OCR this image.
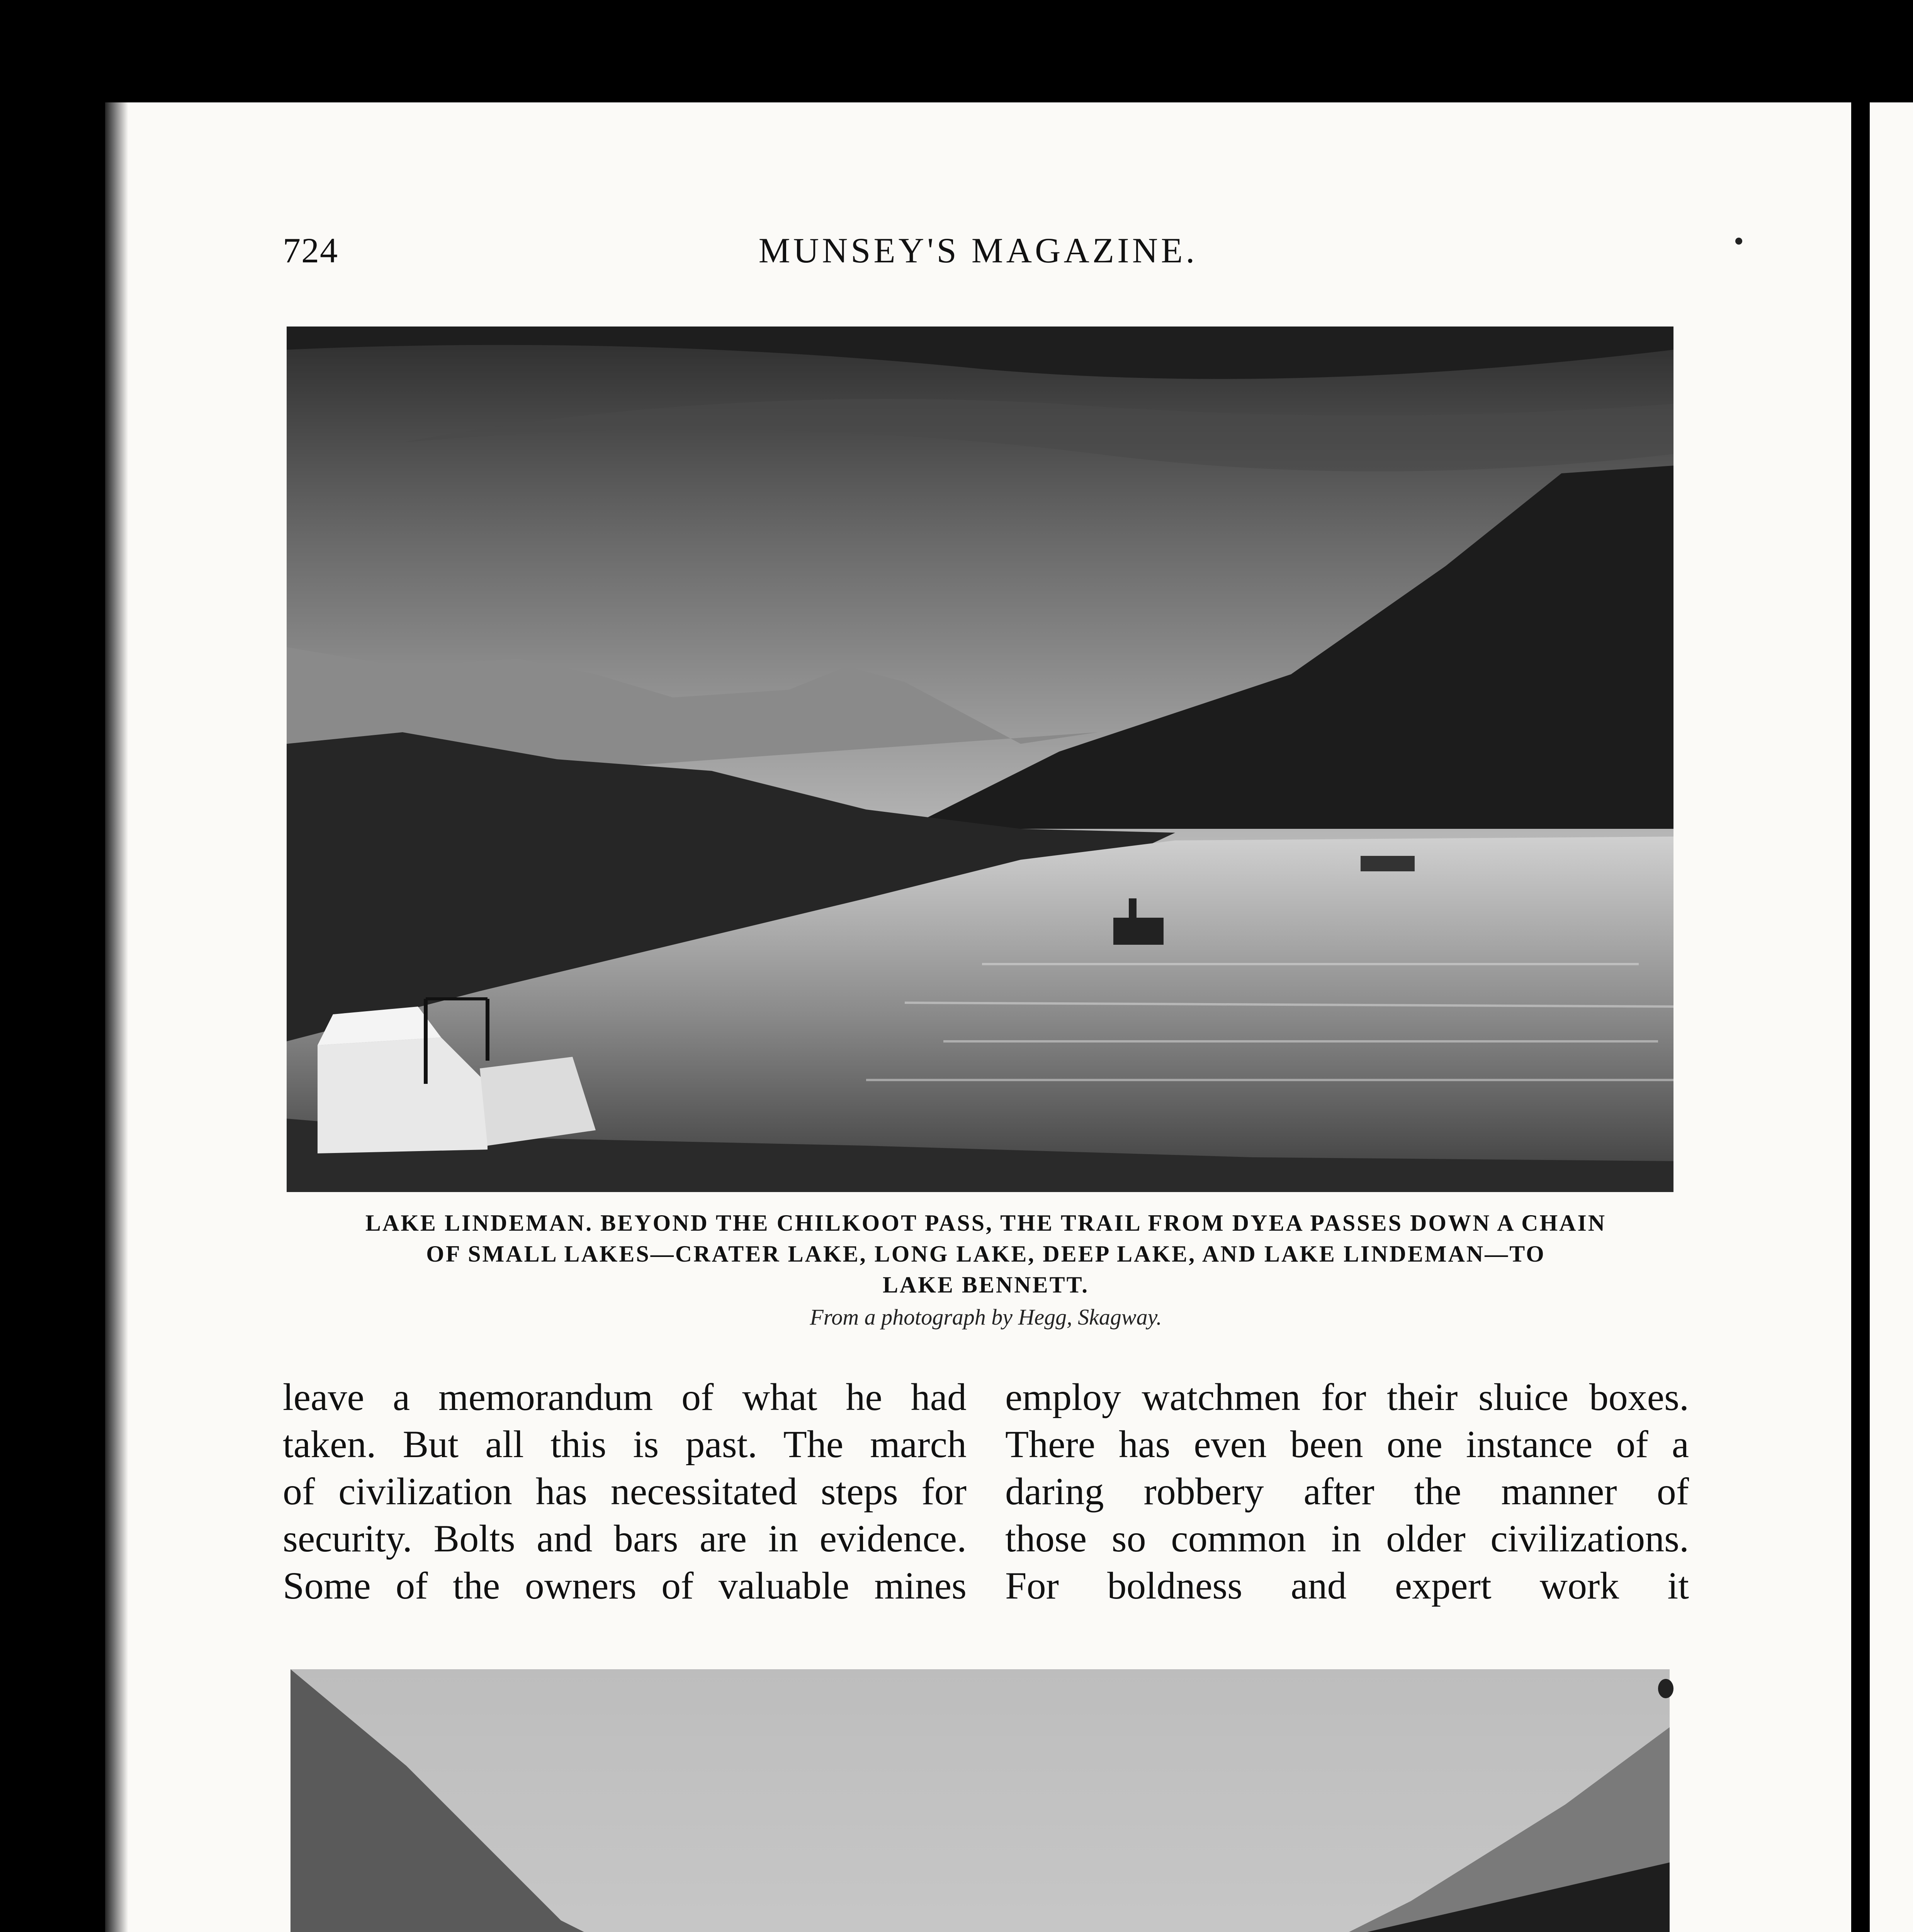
724	MUNSEY'S MAGAZINE.
LAKE LINDEMAN. BEYOND THE CHILKOOT PASS, THE TRAIL FROM DYEA PASSES DOWN A CHAIN
OF SMALL LAKES—CRATER LAKE, LONG LAKE, DEEP LAKE, AND LAKE LINDEMAN—TO
LAKE BENNETT.
From a photograph by Hegg, Skagway.
leave a memorandum of what he had
taken. But all this is past. The march
of civilization has necessitated steps for
security. Bolts and bars are in evidence.
Some of the owners of valuable mines
employ watchmen for their sluice boxes.
There has even been one instance of a
daring robbery after the manner of
those so common in older civilizations.
For boldness and expert work it
